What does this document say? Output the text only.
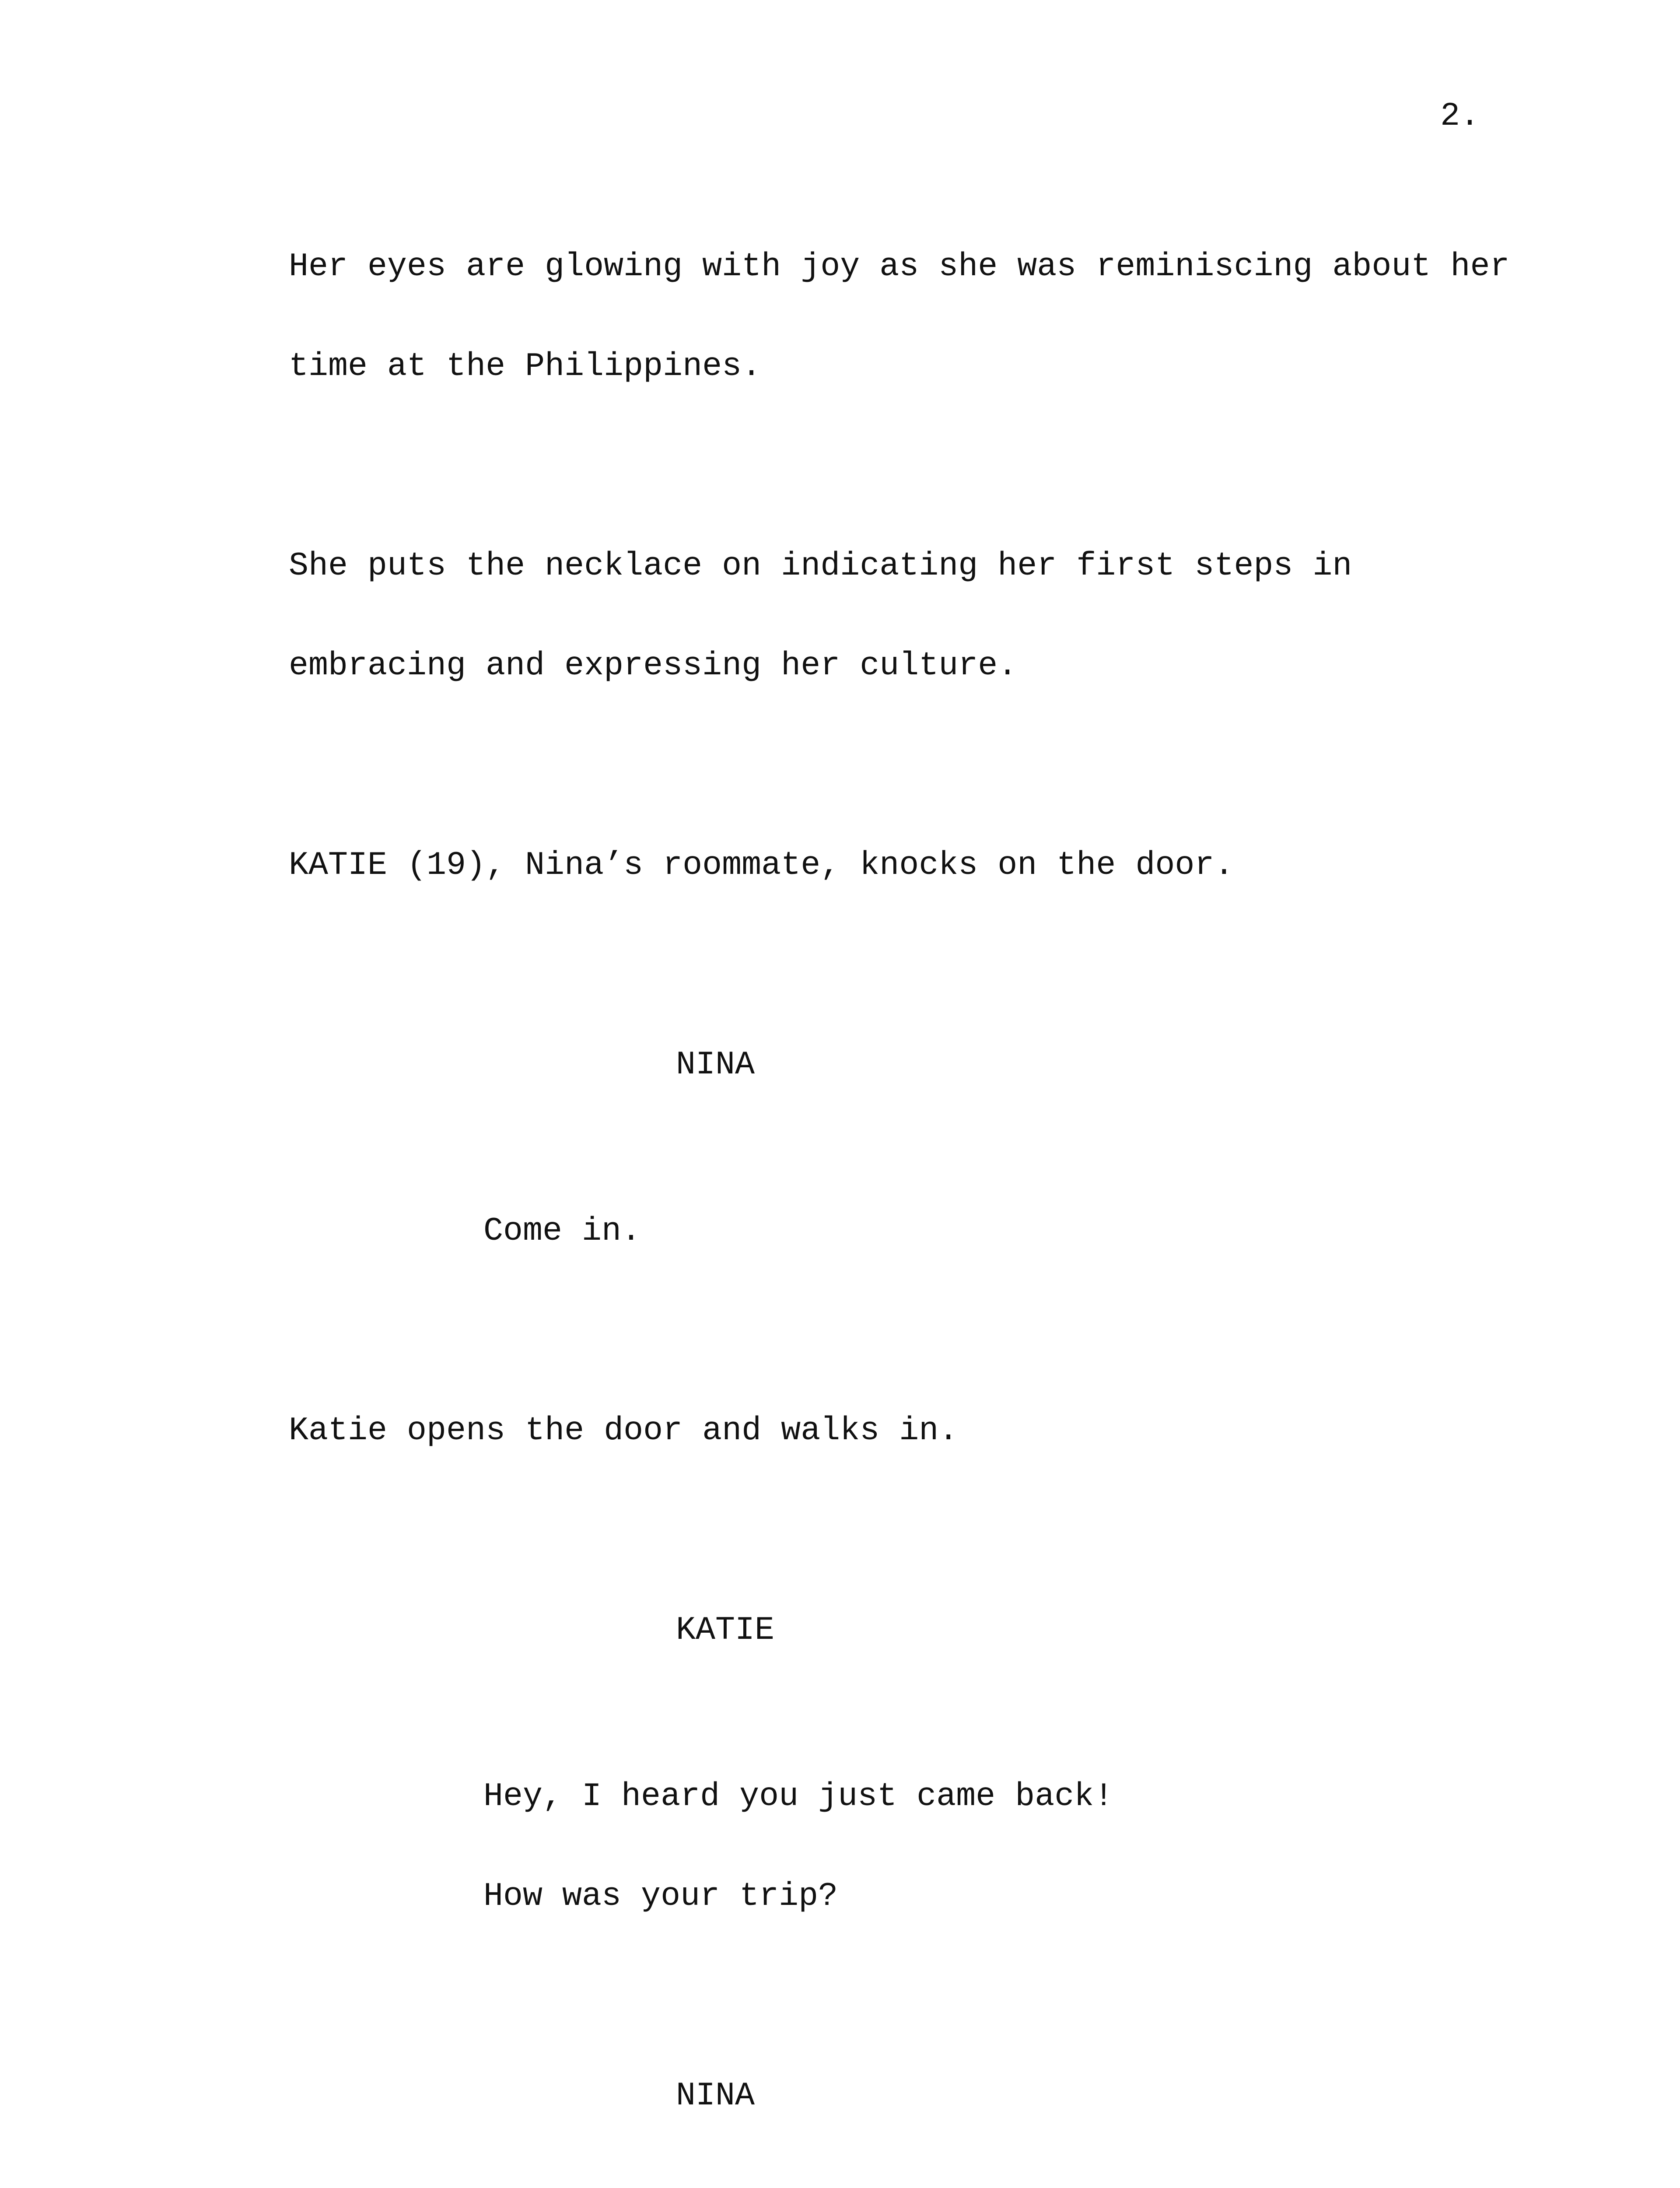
2.

Her eyes are glowing with joy as she was reminiscing about her

time at the Philippines.

She puts the necklace on indicating her first steps in

embracing and expressing her culture.

KATIE (19), Nina’s roommate, knocks on the door.

NINA

Come in.

Katie opens the door and walks in.

KATIE

Hey, I heard you just came back!

How was your trip?

NINA
